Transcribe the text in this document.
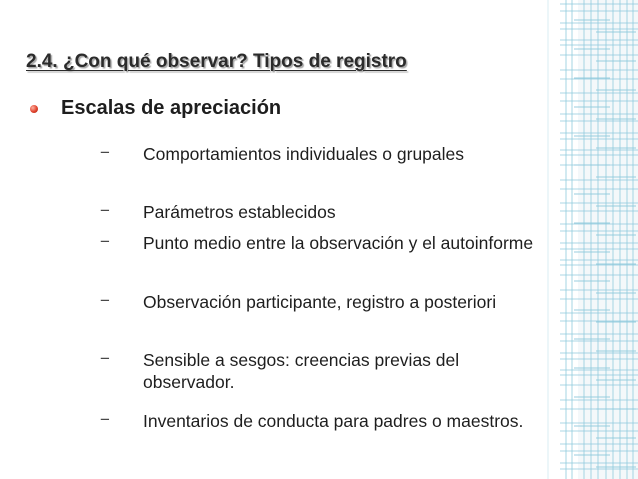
2.4. ¿Con qué observar? Tipos de registro
Escalas de apreciación
− Comportamientos individuales o grupales
− Parámetros establecidos
− Punto medio entre la observación y el autoinforme
− Observación participante, registro a posteriori
− Sensible a sesgos: creencias previas del observador.
− Inventarios de conducta para padres o maestros.
